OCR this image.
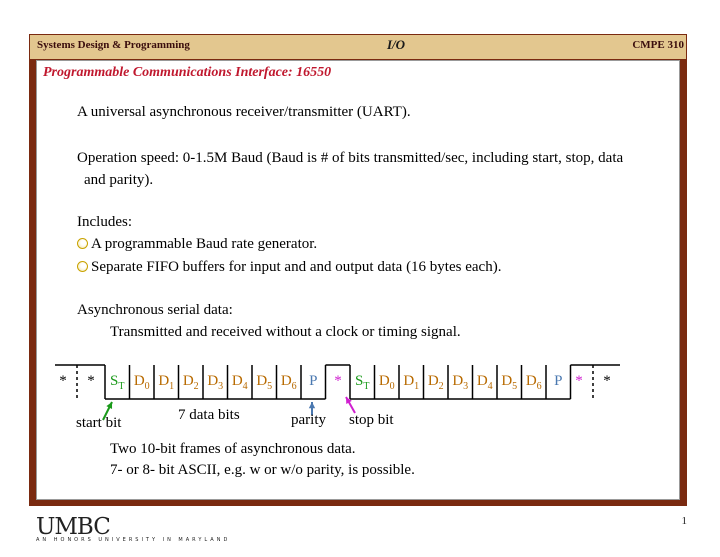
Systems Design & Programming	I/O	CMPE 310
Programmable Communications Interface: 16550
A universal asynchronous receiver/transmitter (UART).
Operation speed: 0-1.5M Baud (Baud is # of bits transmitted/sec, including start, stop, data
and parity).
Includes:
A programmable Baud rate generator.
Separate FIFO buffers for input and and output data (16 bytes each).
Asynchronous serial data:
Transmitted and received without a clock or timing signal.
* * $S_T$ $D_0$ $D_1$ $D_2$ $D_3$ $D_4$ $D_5$ $D_6$ P * $S_T$ $D_0$ $D_1$ $D_2$ $D_3$ $D_4$ $D_5$ $D_6$ P * *
start bit	7 data bits	parity stop bit
Two 10-bit frames of asynchronous data.
7- or 8- bit ASCII, e.g. w or w/o parity, is possible.
UMBC
AN HONORS UNIVERSITY IN MARYLAND
1
